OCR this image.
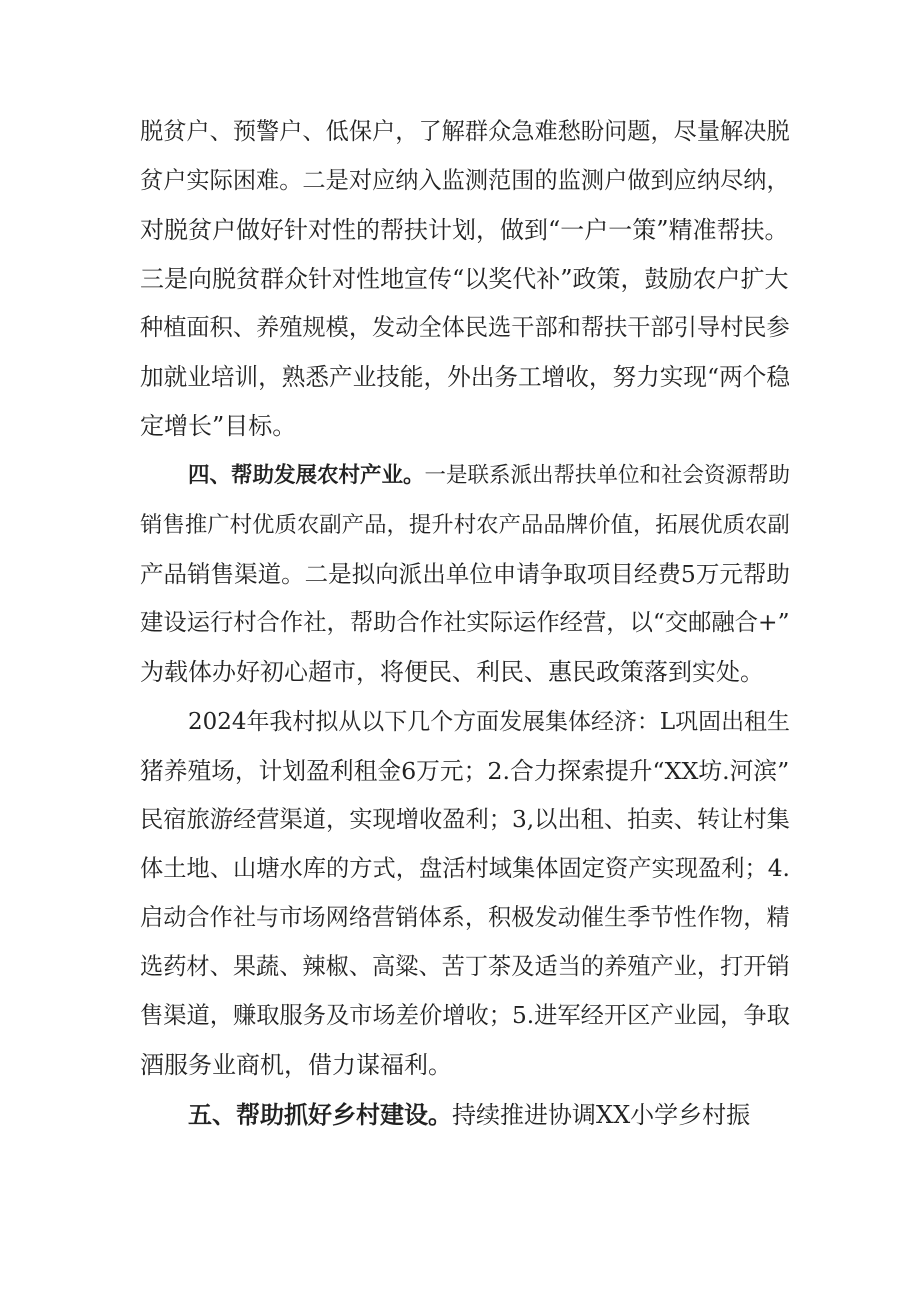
脱贫户、预警户、低保户，了解群众急难愁盼问题，尽量解决脱
贫户实际困难。二是对应纳入监测范围的监测户做到应纳尽纳，
对脱贫户做好针对性的帮扶计划，做到“一户一策”精准帮扶。
三是向脱贫群众针对性地宣传“以奖代补”政策，鼓励农户扩大
种植面积、养殖规模，发动全体民选干部和帮扶干部引导村民参
加就业培训，熟悉产业技能，外出务工增收，努力实现“两个稳
定增长”目标。
四、帮助发展农村产业。一是联系派出帮扶单位和社会资源帮助
销售推广村优质农副产品，提升村农产品品牌价值，拓展优质农副
产品销售渠道。二是拟向派出单位申请争取项目经费5万元帮助
建设运行村合作社，帮助合作社实际运作经营，以“交邮融合+”
为载体办好初心超市，将便民、利民、惠民政策落到实处。
2024年我村拟从以下几个方面发展集体经济：L巩固出租生
猪养殖场，计划盈利租金6万元；2.合力探索提升“XX坊.河滨”
民宿旅游经营渠道，实现增收盈利；3,以出租、拍卖、转让村集
体土地、山塘水库的方式，盘活村域集体固定资产实现盈利；4.
启动合作社与市场网络营销体系，积极发动催生季节性作物，精
选药材、果蔬、辣椒、高粱、苦丁茶及适当的养殖产业，打开销
售渠道，赚取服务及市场差价增收；5.进军经开区产业园，争取
酒服务业商机，借力谋福利。
五、帮助抓好乡村建设。持续推进协调XX小学乡村振
